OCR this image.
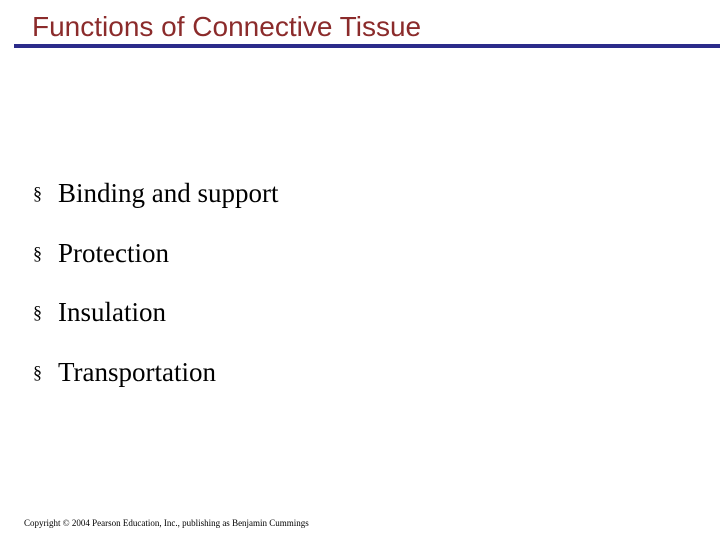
Functions of Connective Tissue
§ Binding and support
§ Protection
§ Insulation
§ Transportation
Copyright © 2004 Pearson Education, Inc., publishing as Benjamin Cummings
